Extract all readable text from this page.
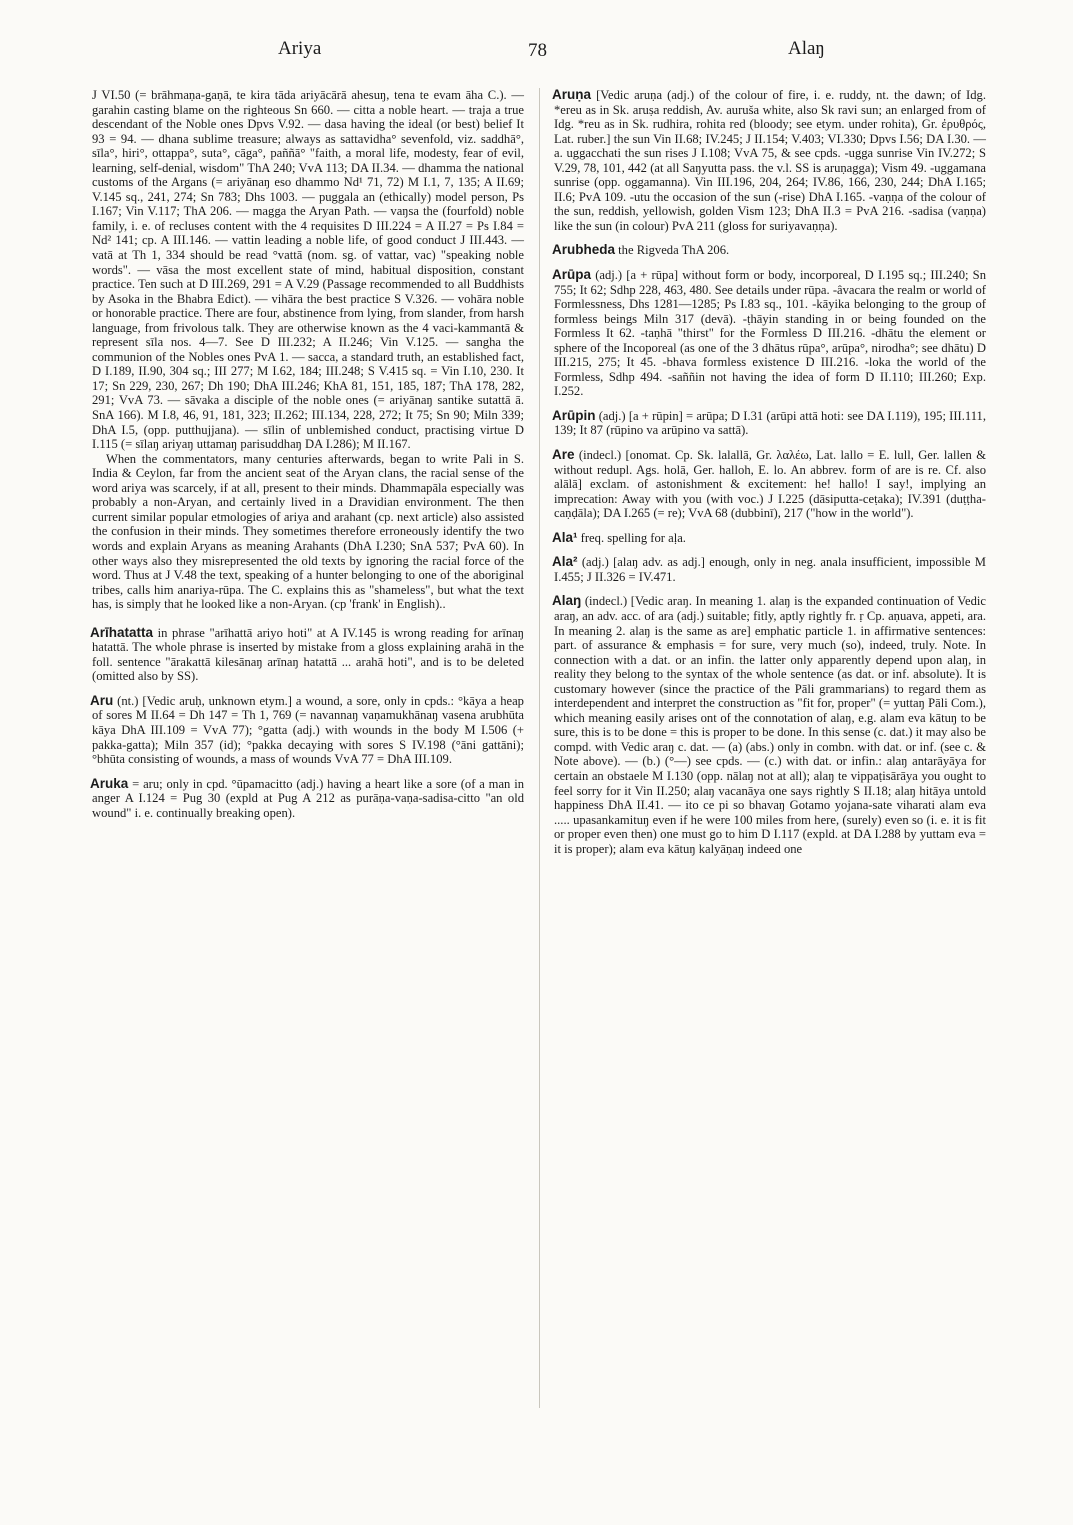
Ariya	78	Alaŋ

J VI.50 (= brāhmaṇa-gaṇā, te kira tāda ariyācārā ahesuŋ, tena te evam āha C.). — garahin casting blame on the righteous Sn 660. — citta a noble heart. — traja a true descendant of the Noble ones Dpvs V.92. — dasa having the ideal (or best) belief It 93 = 94. — dhana sublime treasure; always as sattavidha° sevenfold, viz. saddhā°, sīla°, hiri°, ottappa°, suta°, cāga°, paññā° "faith, a moral life, modesty, fear of evil, learning, self-denial, wisdom" ThA 240; VvA 113; DA II.34. — dhamma the national customs of the Argans (= ariyānaŋ eso dhammo Nd¹ 71, 72) M I.1, 7, 135; A II.69; V.145 sq., 241, 274; Sn 783; Dhs 1003. — puggala an (ethically) model person, Ps I.167; Vin V.117; ThA 206. — magga the Aryan Path. — vaŋsa the (fourfold) noble family, i. e. of recluses content with the 4 requisites D III.224 = A II.27 = Ps I.84 = Nd² 141; cp. A III.146. — vattin leading a noble life, of good conduct J III.443. — vatā at Th 1, 334 should be read °vattā (nom. sg. of vattar, vac) "speaking noble words". — vāsa the most excellent state of mind, habitual disposition, constant practice. Ten such at D III.269, 291 = A V.29 (Passage recommended to all Buddhists by Asoka in the Bhabra Edict). — vihāra the best practice S V.326. — vohāra noble or honorable practice. There are four, abstinence from lying, from slander, from harsh language, from frivolous talk. They are otherwise known as the 4 vaci-kammantā & represent sīla nos. 4—7. See D III.232; A II.246; Vin V.125. — sangha the communion of the Nobles ones PvA 1. — sacca, a standard truth, an established fact, D I.189, II.90, 304 sq.; III 277; M I.62, 184; III.248; S V.415 sq. = Vin I.10, 230. It 17; Sn 229, 230, 267; Dh 190; DhA III.246; KhA 81, 151, 185, 187; ThA 178, 282, 291; VvA 73. — sāvaka a disciple of the noble ones (= ariyānaŋ santike sutattā ā. SnA 166). M I.8, 46, 91, 181, 323; II.262; III.134, 228, 272; It 75; Sn 90; Miln 339; DhA I.5, (opp. putthujjana). — sīlin of unblemished conduct, practising virtue D I.115 (= sīlaŋ ariyaŋ uttamaŋ parisuddhaŋ DA I.286); M II.167.

When the commentators, many centuries afterwards, began to write Pali in S. India & Ceylon, far from the ancient seat of the Aryan clans, the racial sense of the word ariya was scarcely, if at all, present to their minds. Dhammapāla especially was probably a non-Aryan, and certainly lived in a Dravidian environment. The then current similar popular etmologies of ariya and arahant (cp. next article) also assisted the confusion in their minds. They sometimes therefore erroneously identify the two words and explain Aryans as meaning Arahants (DhA I.230; SnA 537; PvA 60). In other ways also they misrepresented the old texts by ignoring the racial force of the word. Thus at J V.48 the text, speaking of a hunter belonging to one of the aboriginal tribes, calls him anariya-rūpa. The C. explains this as "shameless", but what the text has, is simply that he looked like a non-Aryan. (cp 'frank' in English)..

Arīhatatta in phrase "arīhattā ariyo hoti" at A IV.145 is wrong reading for arīnaŋ hatattā. The whole phrase is inserted by mistake from a gloss explaining arahā in the foll. sentence "ārakattā kilesānaŋ arīnaŋ hatattā ... arahā hoti", and is to be deleted (omitted also by SS).

Aru (nt.) [Vedic aruḥ, unknown etym.] a wound, a sore, only in cpds.: °kāya a heap of sores M II.64 = Dh 147 = Th 1, 769 (= navannaŋ vaṇamukhānaŋ vasena arubhūta kāya DhA III.109 = VvA 77); °gatta (adj.) with wounds in the body M I.506 (+ pakka-gatta); Miln 357 (id); °pakka decaying with sores S IV.198 (°āni gattāni); °bhūta consisting of wounds, a mass of wounds VvA 77 = DhA III.109.

Aruka = aru; only in cpd. °ūpamacitto (adj.) having a heart like a sore (of a man in anger A I.124 = Pug 30 (expld at Pug A 212 as purāṇa-vaṇa-sadisa-citto "an old wound" i. e. continually breaking open).

Aruṇa [Vedic aruṇa (adj.) of the colour of fire, i. e. ruddy, nt. the dawn; of Idg. *ereu as in Sk. aruṣa reddish, Av. auruša white, also Sk ravi sun; an enlarged from of Idg. *reu as in Sk. rudhira, rohita red (bloody; see etym. under rohita), Gr. ἐρυθρός, Lat. ruber.] the sun Vin II.68; IV.245; J II.154; V.403; VI.330; Dpvs I.56; DA I.30. — a. uggacchati the sun rises J I.108; VvA 75, & see cpds. -ugga sunrise Vin IV.272; S V.29, 78, 101, 442 (at all Saŋyutta pass. the v.l. SS is aruṇagga); Vism 49. -uggamana sunrise (opp. oggamanna). Vin III.196, 204, 264; IV.86, 166, 230, 244; DhA I.165; II.6; PvA 109. -utu the occasion of the sun (-rise) DhA I.165. -vaṇṇa of the colour of the sun, reddish, yellowish, golden Vism 123; DhA II.3 = PvA 216. -sadisa (vaṇṇa) like the sun (in colour) PvA 211 (gloss for suriyavaṇṇa).

Arubheda the Rigveda ThA 206.

Arūpa (adj.) [a + rūpa] without form or body, incorporeal, D I.195 sq.; III.240; Sn 755; It 62; Sdhp 228, 463, 480. See details under rūpa. -âvacara the realm or world of Formlessness, Dhs 1281—1285; Ps I.83 sq., 101. -kāyika belonging to the group of formless beings Miln 317 (devā). -ṭhāyin standing in or being founded on the Formless It 62. -taṇhā "thirst" for the Formless D III.216. -dhātu the element or sphere of the Incoporeal (as one of the 3 dhātus rūpa°, arūpa°, nirodha°; see dhātu) D III.215, 275; It 45. -bhava formless existence D III.216. -loka the world of the Formless, Sdhp 494. -saññin not having the idea of form D II.110; III.260; Exp. I.252.

Arūpin (adj.) [a + rūpin] = arūpa; D I.31 (arūpi attā hoti: see DA I.119), 195; III.111, 139; It 87 (rūpino va arūpino va sattā).

Are (indecl.) [onomat. Cp. Sk. lalallā, Gr. λαλέω, Lat. lallo = E. lull, Ger. lallen & without redupl. Ags. holā, Ger. halloh, E. lo. An abbrev. form of are is re. Cf. also alālā] exclam. of astonishment & excitement: he! hallo! I say!, implying an imprecation: Away with you (with voc.) J I.225 (dāsiputta-ceṭaka); IV.391 (duṭṭha-caṇḍāla); DA I.265 (= re); VvA 68 (dubbinī), 217 ("how in the world").

Ala¹ freq. spelling for aḷa.

Ala² (adj.) [alaŋ adv. as adj.] enough, only in neg. anala insufficient, impossible M I.455; J II.326 = IV.471.

Alaŋ (indecl.) [Vedic araŋ. In meaning 1. alaŋ is the expanded continuation of Vedic araŋ, an adv. acc. of ara (adj.) suitable; fitly, aptly rightly fr. ṛ Cp. aṇuava, appeti, ara. In meaning 2. alaŋ is the same as are] emphatic particle 1. in affirmative sentences: part. of assurance & emphasis = for sure, very much (so), indeed, truly. Note. In connection with a dat. or an infin. the latter only apparently depend upon alaŋ, in reality they belong to the syntax of the whole sentence (as dat. or inf. absolute). It is customary however (since the practice of the Pāli grammarians) to regard them as interdependent and interpret the construction as "fit for, proper" (= yuttaŋ Pāli Com.), which meaning easily arises ont of the connotation of alaŋ, e.g. alam eva kātuŋ to be sure, this is to be done = this is proper to be done. In this sense (c. dat.) it may also be compd. with Vedic araŋ c. dat. — (a) (abs.) only in combn. with dat. or inf. (see c. & Note above). — (b.) (°—) see cpds. — (c.) with dat. or infin.: alaŋ antarāyāya for certain an obstaele M I.130 (opp. nālaŋ not at all); alaŋ te vippaṭisārāya you ought to feel sorry for it Vin II.250; alaŋ vacanāya one says rightly S II.18; alaŋ hitāya untold happiness DhA II.41. — ito ce pi so bhavaŋ Gotamo yojana-sate viharati alam eva ..... upasankamituŋ even if he were 100 miles from here, (surely) even so (i. e. it is fit or proper even then) one must go to him D I.117 (expld. at DA I.288 by yuttam eva = it is proper); alam eva kātuŋ kalyāṇaŋ indeed one
